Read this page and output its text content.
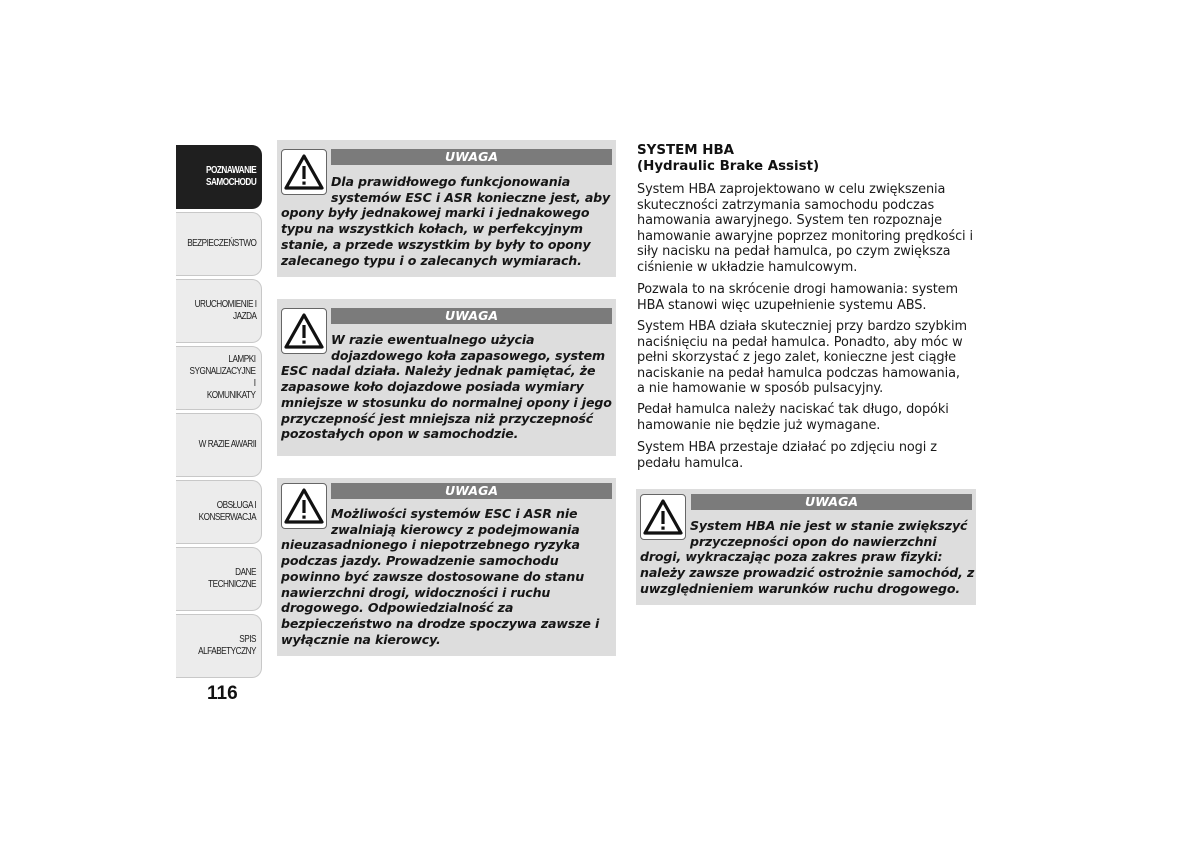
POZNAWANIE
SAMOCHODU
BEZPIECZEŃSTWO
URUCHOMIENIE I
JAZDA
LAMPKI
SYGNALIZACYJNE I
KOMUNIKATY
W RAZIE AWARII
OBSŁUGA I
KONSERWACJA
DANE TECHNICZNE
SPIS ALFABETYCZNY
116
UWAGA
Dla prawidłowego funkcjonowania
systemów ESC i ASR konieczne jest, aby
opony były jednakowej marki i jednakowego
typu na wszystkich kołach, w perfekcyjnym
stanie, a przede wszystkim by były to opony
zalecanego typu i o zalecanych wymiarach.
UWAGA
W razie ewentualnego użycia
dojazdowego koła zapasowego, system
ESC nadal działa. Należy jednak pamiętać, że
zapasowe koło dojazdowe posiada wymiary
mniejsze w stosunku do normalnej opony i jego
przyczepność jest mniejsza niż przyczepność
pozostałych opon w samochodzie.
UWAGA
Możliwości systemów ESC i ASR nie
zwalniają kierowcy z podejmowania
nieuzasadnionego i niepotrzebnego ryzyka
podczas jazdy. Prowadzenie samochodu
powinno być zawsze dostosowane do stanu
nawierzchni drogi, widoczności i ruchu
drogowego. Odpowiedzialność za
bezpieczeństwo na drodze spoczywa zawsze i
wyłącznie na kierowcy.
SYSTEM HBA
(Hydraulic Brake Assist)
System HBA zaprojektowano w celu zwiększenia
skuteczności zatrzymania samochodu podczas
hamowania awaryjnego. System ten rozpoznaje
hamowanie awaryjne poprzez monitoring prędkości i
siły nacisku na pedał hamulca, po czym zwiększa
ciśnienie w układzie hamulcowym.
Pozwala to na skrócenie drogi hamowania: system
HBA stanowi więc uzupełnienie systemu ABS.
System HBA działa skuteczniej przy bardzo szybkim
naciśnięciu na pedał hamulca. Ponadto, aby móc w
pełni skorzystać z jego zalet, konieczne jest ciągłe
naciskanie na pedał hamulca podczas hamowania,
a nie hamowanie w sposób pulsacyjny.
Pedał hamulca należy naciskać tak długo, dopóki
hamowanie nie będzie już wymagane.
System HBA przestaje działać po zdjęciu nogi z
pedału hamulca.
UWAGA
System HBA nie jest w stanie zwiększyć
przyczepności opon do nawierzchni
drogi, wykraczając poza zakres praw fizyki:
należy zawsze prowadzić ostrożnie samochód, z
uwzględnieniem warunków ruchu drogowego.
